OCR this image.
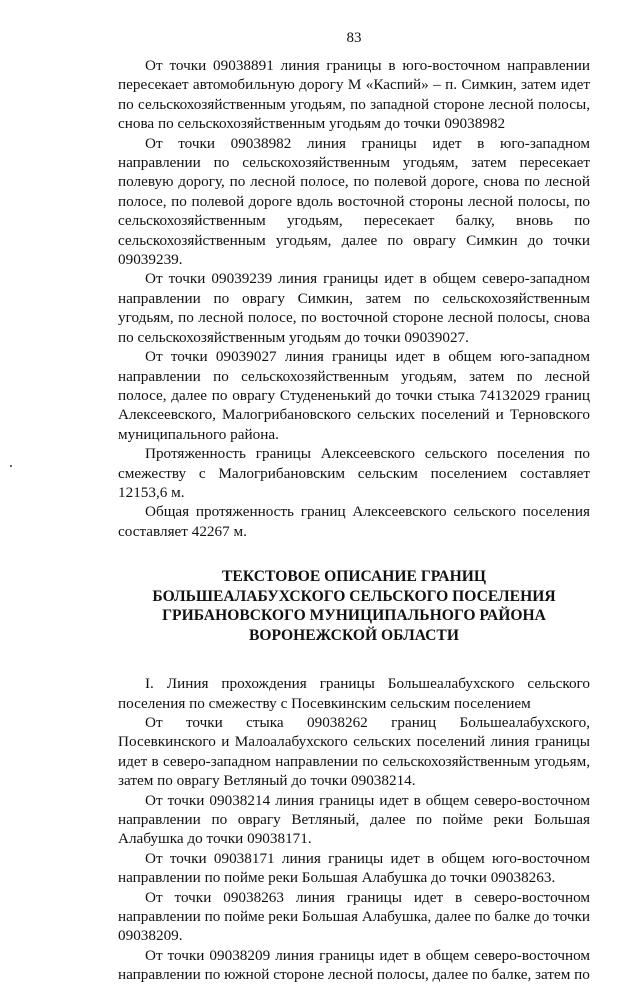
83

От точки 09038891 линия границы в юго-восточном направлении пересекает автомобильную дорогу М «Каспий» – п. Симкин, затем идет по сельскохозяйственным угодьям, по западной стороне лесной полосы, снова по сельскохозяйственным угодьям до точки 09038982

От точки 09038982 линия границы идет в юго-западном направлении по сельскохозяйственным угодьям, затем пересекает полевую дорогу, по лесной полосе, по полевой дороге, снова по лесной полосе, по полевой дороге вдоль восточной стороны лесной полосы, по сельскохозяйственным угодьям, пересекает балку, вновь по сельскохозяйственным угодьям, далее по оврагу Симкин до точки 09039239.

От точки 09039239 линия границы идет в общем северо-западном направлении по оврагу Симкин, затем по сельскохозяйственным угодьям, по лесной полосе, по восточной стороне лесной полосы, снова по сельскохозяйственным угодьям до точки 09039027.

От точки 09039027 линия границы идет в общем юго-западном направлении по сельскохозяйственным угодьям, затем по лесной полосе, далее по оврагу Студененький до точки стыка 74132029 границ Алексеевского, Малогрибановского сельских поселений и Терновского муниципального района.

Протяженность границы Алексеевского сельского поселения по смежеству с Малогрибановским сельским поселением составляет 12153,6 м.

Общая протяженность границ Алексеевского сельского поселения составляет 42267 м.

ТЕКСТОВОЕ ОПИСАНИЕ ГРАНИЦ
БОЛЬШЕАЛАБУХСКОГО СЕЛЬСКОГО ПОСЕЛЕНИЯ
ГРИБАНОВСКОГО МУНИЦИПАЛЬНОГО РАЙОНА
ВОРОНЕЖСКОЙ ОБЛАСТИ

I. Линия прохождения границы Большеалабухского сельского поселения по смежеству с Посевкинским сельским поселением

От точки стыка 09038262 границ Большеалабухского, Посевкинского и Малоалабухского сельских поселений линия границы идет в северо-западном направлении по сельскохозяйственным угодьям, затем по оврагу Ветляный до точки 09038214.

От точки 09038214 линия границы идет в общем северо-восточном направлении по оврагу Ветляный, далее по пойме реки Большая Алабушка до точки 09038171.

От точки 09038171 линия границы идет в общем юго-восточном направлении по пойме реки Большая Алабушка до точки 09038263.

От точки 09038263 линия границы идет в северо-восточном направлении по пойме реки Большая Алабушка, далее по балке до точки 09038209.

От точки 09038209 линия границы идет в общем северо-восточном направлении по южной стороне лесной полосы, далее по балке, затем по
